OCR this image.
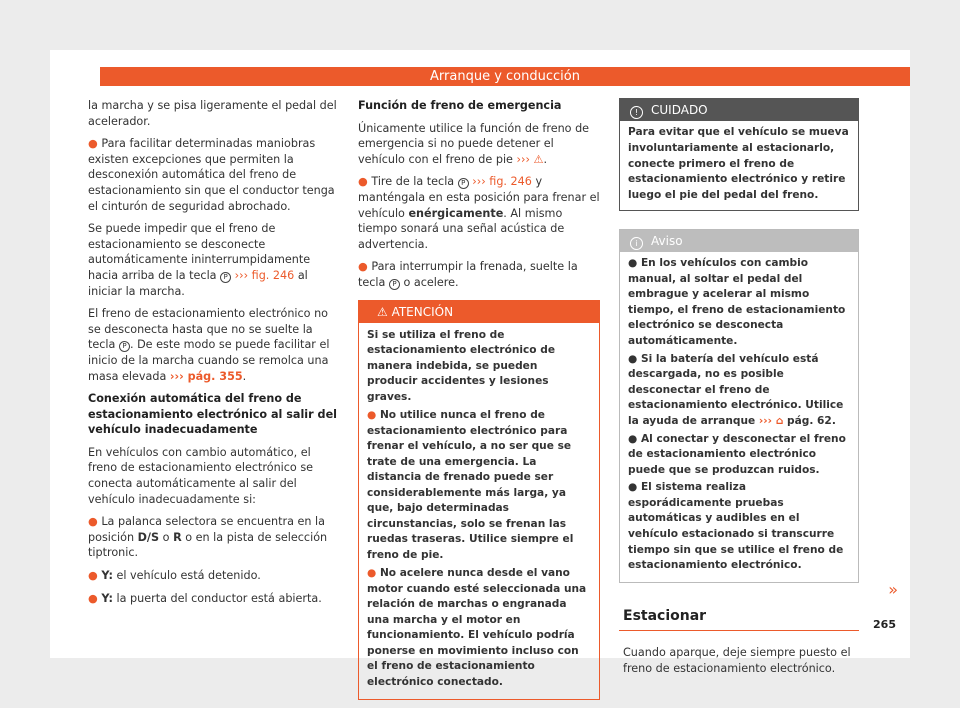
Arranque y conducción

la marcha y se pisa ligeramente el pedal del acelerador.

● Para facilitar determinadas maniobras existen excepciones que permiten la desconexión automática del freno de estacionamiento sin que el conductor tenga el cinturón de seguridad abrochado.

Se puede impedir que el freno de estacionamiento se desconecte automáticamente ininterrumpidamente hacia arriba de la tecla P ››› fig. 246 al iniciar la marcha.

El freno de estacionamiento electrónico no se desconecta hasta que no se suelte la tecla P . De este modo se puede facilitar el inicio de la marcha cuando se remolca una masa elevada ››› pág. 355.

Conexión automática del freno de estacionamiento electrónico al salir del vehículo inadecuadamente

En vehículos con cambio automático, el freno de estacionamiento electrónico se conecta automáticamente al salir del vehículo inadecuadamente si:

● La palanca selectora se encuentra en la posición D/S o R o en la pista de selección tiptronic.

● Y: el vehículo está detenido.

● Y: la puerta del conductor está abierta.

Función de freno de emergencia

Únicamente utilice la función de freno de emergencia si no puede detener el vehículo con el freno de pie ››› ⚠.

● Tire de la tecla P ››› fig. 246 y manténgala en esta posición para frenar el vehículo enérgicamente. Al mismo tiempo sonará una señal acústica de advertencia.

● Para interrumpir la frenada, suelte la tecla P o acelere.

⚠ ATENCIÓN

Si se utiliza el freno de estacionamiento electrónico de manera indebida, se pueden producir accidentes y lesiones graves.

● No utilice nunca el freno de estacionamiento electrónico para frenar el vehículo, a no ser que se trate de una emergencia. La distancia de frenado puede ser considerablemente más larga, ya que, bajo determinadas circunstancias, solo se frenan las ruedas traseras. Utilice siempre el freno de pie.

● No acelere nunca desde el vano motor cuando esté seleccionada una relación de marchas o engranada una marcha y el motor en funcionamiento. El vehículo podría ponerse en movimiento incluso con el freno de estacionamiento electrónico conectado.

! CUIDADO
Para evitar que el vehículo se mueva involuntariamente al estacionarlo, conecte primero el freno de estacionamiento electrónico y retire luego el pie del pedal del freno.
i Aviso

● En los vehículos con cambio manual, al soltar el pedal del embrague y acelerar al mismo tiempo, el freno de estacionamiento electrónico se desconecta automáticamente.

● Si la batería del vehículo está descargada, no es posible desconectar el freno de estacionamiento electrónico. Utilice la ayuda de arranque ››› ⌂ pág. 62.

● Al conectar y desconectar el freno de estacionamiento electrónico puede que se produzcan ruidos.

● El sistema realiza esporádicamente pruebas automáticas y audibles en el vehículo estacionado si transcurre tiempo sin que se utilice el freno de estacionamiento electrónico.

Estacionar

Cuando aparque, deje siempre puesto el freno de estacionamiento electrónico.

»
265
